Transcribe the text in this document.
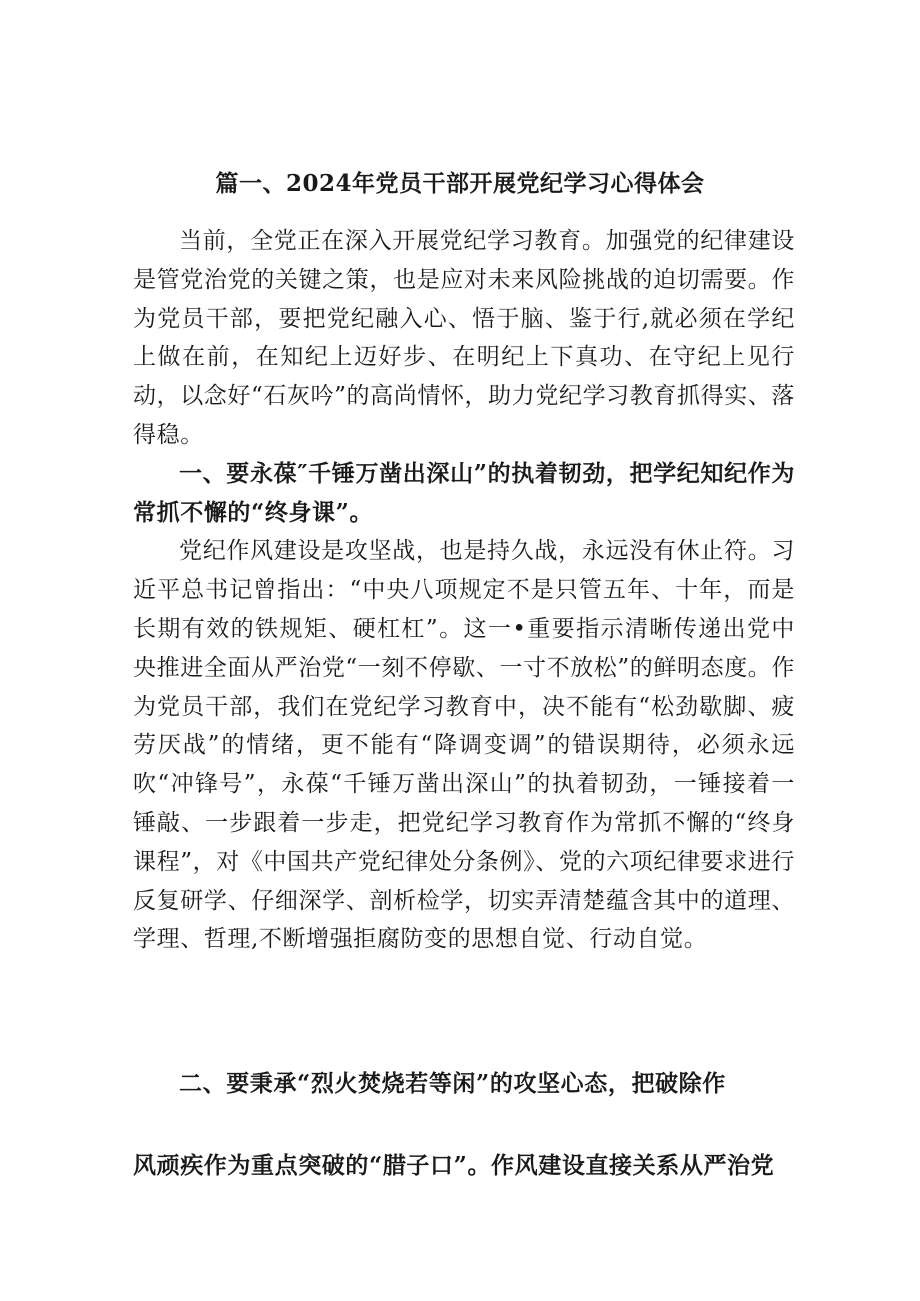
篇一、2024年党员干部开展党纪学习心得体会

当前，全党正在深入开展党纪学习教育。加强党的纪律建设是管党治党的关键之策，也是应对未来风险挑战的迫切需要。作为党员干部，要把党纪融入心、悟于脑、鉴于行,就必须在学纪上做在前，在知纪上迈好步、在明纪上下真功、在守纪上见行动，以念好“石灰吟”的高尚情怀，助力党纪学习教育抓得实、落得稳。

一、要永葆″千锤万凿出深山”的执着韧劲，把学纪知纪作为常抓不懈的“终身课”。

党纪作风建设是攻坚战，也是持久战，永远没有休止符。习近平总书记曾指出：“中央八项规定不是只管五年、十年，而是长期有效的铁规矩、硬杠杠”。这一•重要指示清晰传递出党中央推进全面从严治党“一刻不停歇、一寸不放松”的鲜明态度。作为党员干部，我们在党纪学习教育中，决不能有“松劲歇脚、疲劳厌战”的情绪，更不能有“降调变调”的错误期待，必须永远吹“冲锋号”，永葆“千锤万凿出深山”的执着韧劲，一锤接着一锤敲、一步跟着一步走，把党纪学习教育作为常抓不懈的“终身课程”，对《中国共产党纪律处分条例》、党的六项纪律要求进行反复研学、仔细深学、剖析检学，切实弄清楚蕴含其中的道理、学理、哲理,不断增强拒腐防变的思想自觉、行动自觉。

二、要秉承“烈火焚烧若等闲”的攻坚心态，把破除作

风顽疾作为重点突破的“腊子口”。作风建设直接关系从严治党
